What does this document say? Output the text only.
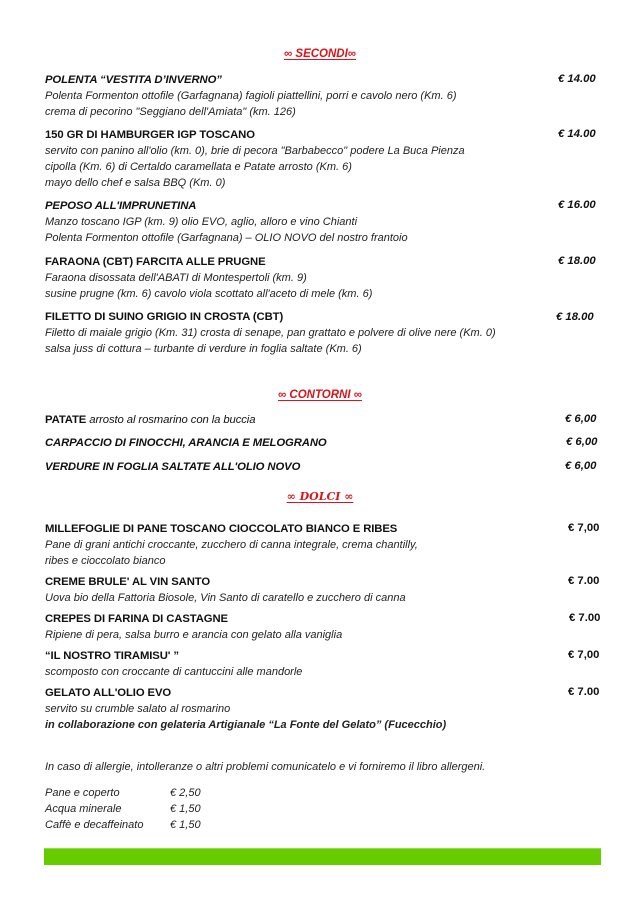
∞ SECONDI∞
POLENTA “VESTITA D’INVERNO”
Polenta Formenton ottofile (Garfagnana) fagioli piattellini, porri e cavolo nero (Km. 6)
crema di pecorino "Seggiano dell'Amiata" (km. 126)
€ 14.00
150 GR DI HAMBURGER IGP TOSCANO
servito con panino all'olio (km. 0), brie di pecora "Barbabecco" podere La Buca Pienza
cipolla (Km. 6) di Certaldo caramellata e Patate arrosto (Km. 6)
mayo dello chef e salsa BBQ (Km. 0)
€ 14.00
PEPOSO ALL'IMPRUNETINA
Manzo toscano IGP (km. 9) olio EVO, aglio, alloro e vino Chianti
Polenta Formenton ottofile (Garfagnana) – OLIO NOVO del nostro frantoio
€ 16.00
FARAONA (CBT) FARCITA ALLE PRUGNE
Faraona disossata dell'ABATI di Montespertoli (km. 9)
susine prugne (km. 6) cavolo viola scottato all'aceto di mele (km. 6)
€ 18.00
FILETTO DI SUINO GRIGIO IN CROSTA (CBT)
Filetto di maiale grigio (Km. 31) crosta di senape, pan grattato e polvere di olive nere (Km. 0)
salsa juss di cottura – turbante di verdure in foglia saltate (Km. 6)
€ 18.00
∞ CONTORNI ∞
PATATE arrosto al rosmarino con la buccia	€ 6,00
CARPACCIO DI FINOCCHI, ARANCIA E MELOGRANO	€ 6,00
VERDURE IN FOGLIA SALTATE ALL'OLIO NOVO	€ 6,00
∞ DOLCI ∞
MILLEFOGLIE DI PANE TOSCANO CIOCCOLATO BIANCO E RIBES
Pane di grani antichi croccante, zucchero di canna integrale, crema chantilly,
ribes e cioccolato bianco
€ 7,00
CREME BRULE' AL VIN SANTO
Uova bio della Fattoria Biosole, Vin Santo di caratello e zucchero di canna
€ 7.00
CREPES DI FARINA DI CASTAGNE
Ripiene di pera, salsa burro e arancia con gelato alla vaniglia
€ 7.00
“IL NOSTRO TIRAMISU' ”
scomposto con croccante di cantuccini alle mandorle
€ 7,00
GELATO ALL'OLIO EVO
servito su crumble salato al rosmarino
in collaborazione con gelateria Artigianale “La Fonte del Gelato” (Fucecchio)
€ 7.00
In caso di allergie, intolleranze o altri problemi comunicatelo e vi forniremo il libro allergeni.
Pane e coperto	€ 2,50
Acqua minerale	€ 1,50
Caffè e decaffeinato	€ 1,50
